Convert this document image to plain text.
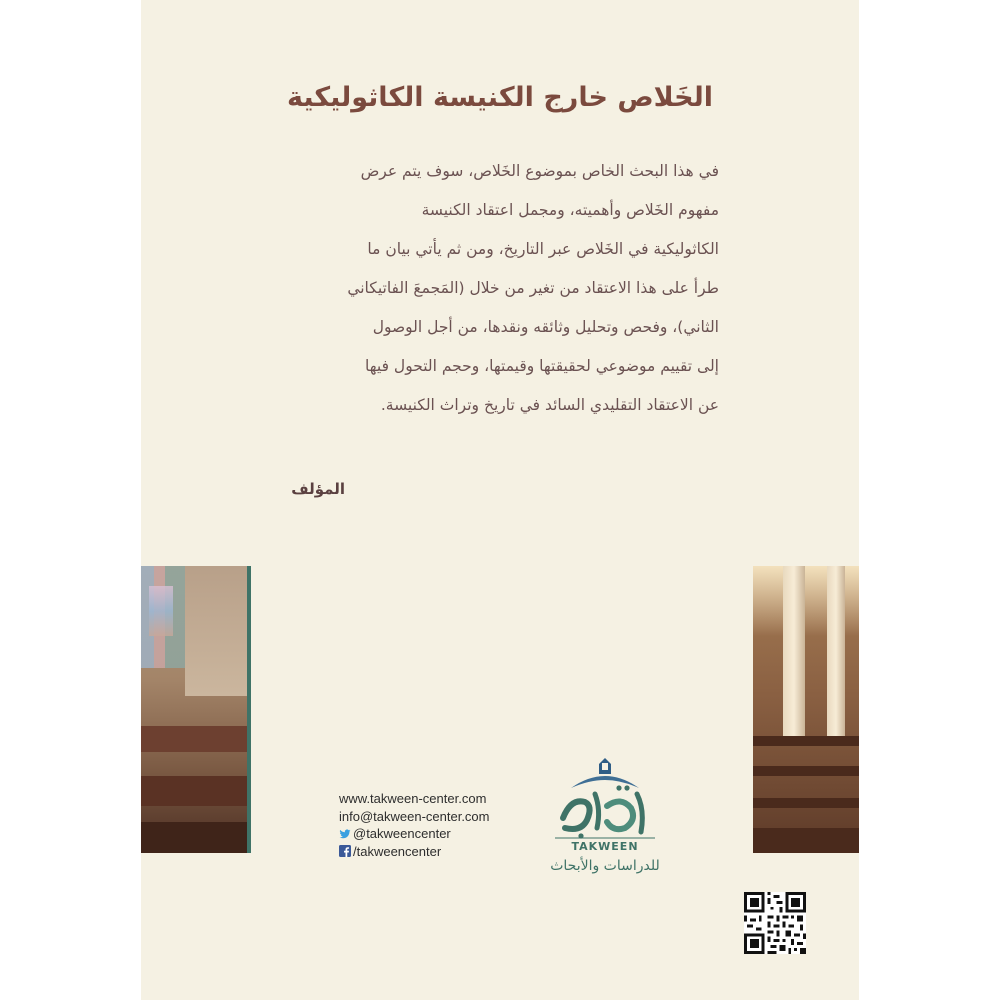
الخَلاص خارج الكنيسة الكاثوليكية
في هذا البحث الخاص بموضوع الخَلاص، سوف يتم عرض
مفهوم الخَلاص وأهميته، ومجمل اعتقاد الكنيسة
الكاثوليكية في الخَلاص عبر التاريخ، ومن ثم يأتي بيان ما
طرأ على هذا الاعتقاد من تغير من خلال (المَجمعَ الفاتيكاني
الثاني)، وفحص وتحليل وثائقه ونقدها، من أجل الوصول
إلى تقييم موضوعي لحقيقتها وقيمتها، وحجم التحول فيها
عن الاعتقاد التقليدي السائد في تاريخ وتراث الكنيسة.
المؤلف
www.takween-center.com
info@takween-center.com
@takweencenter
/takweencenter	TAKWEEN
للدراسات والأبحاث
